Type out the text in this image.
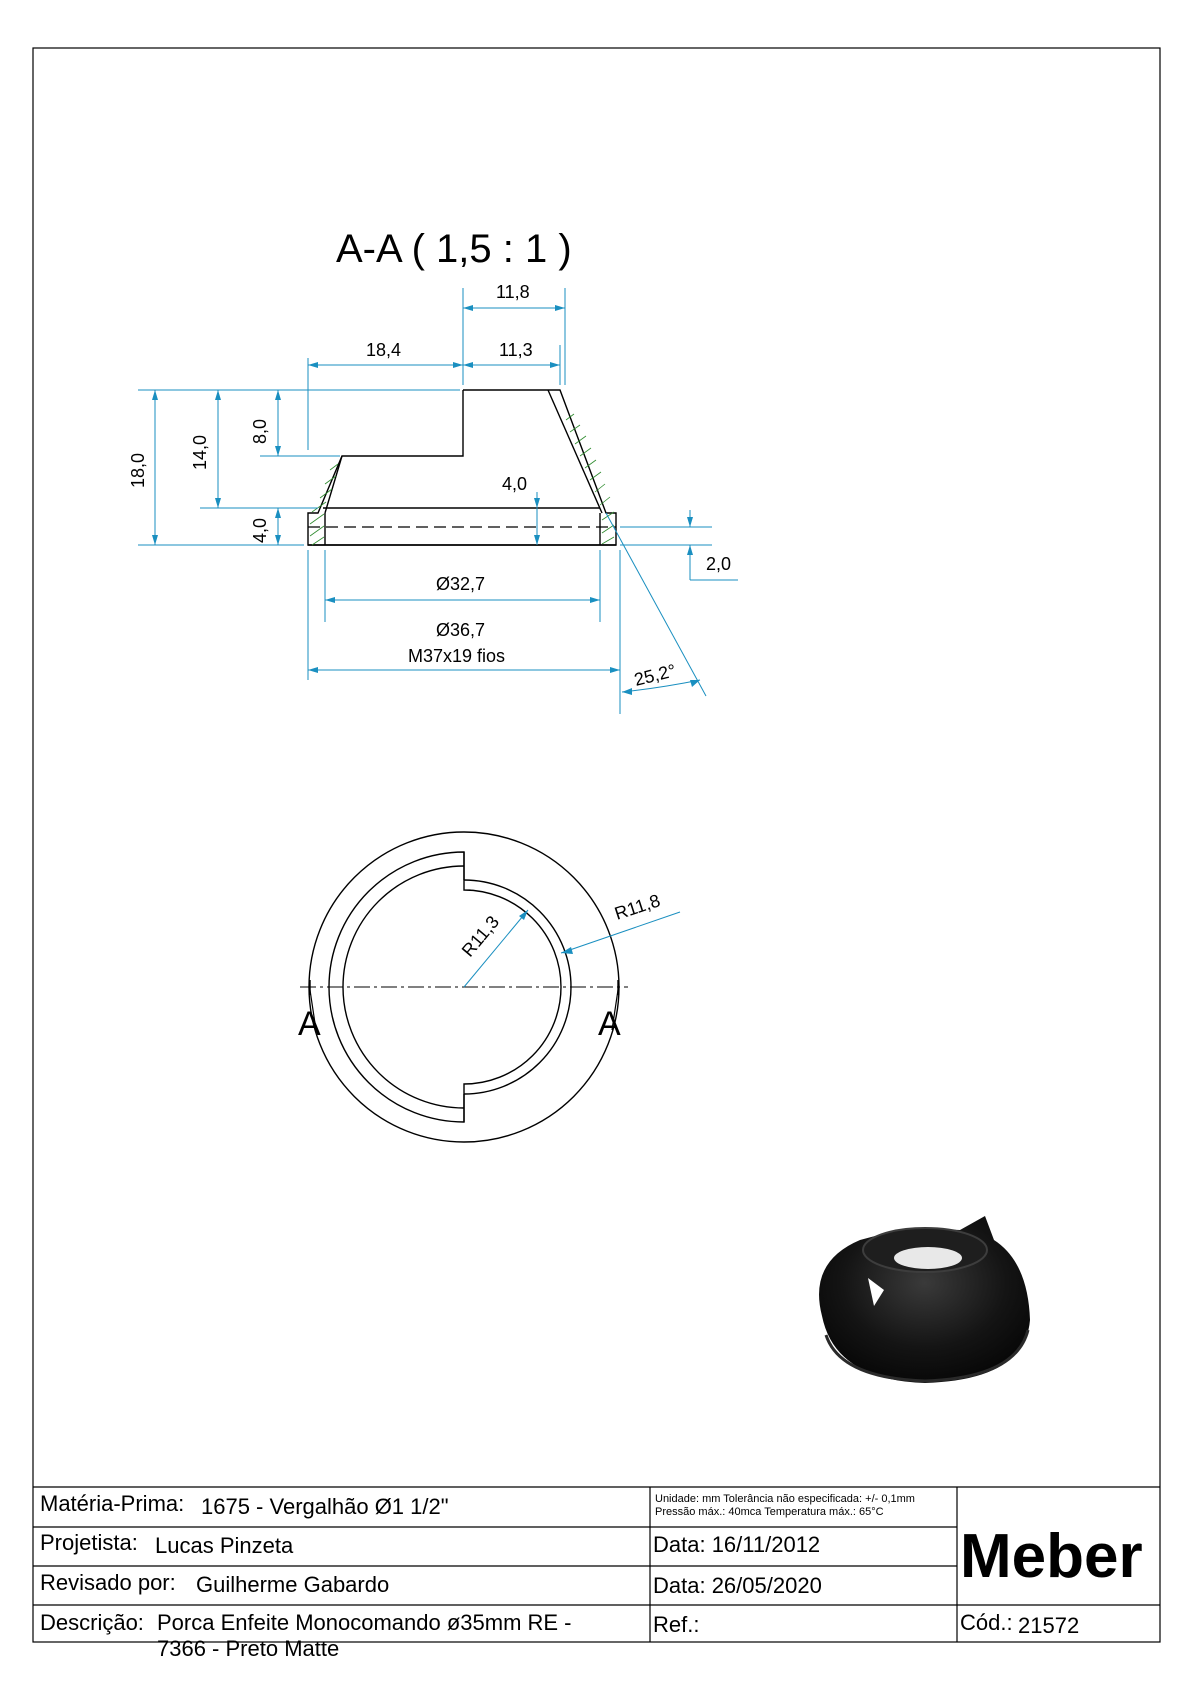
A-A ( 1,5 : 1 )
11,8
18,4	11,3
18,0
14,0
8,0
4,0
4,0
2,0
Ø32,7
Ø36,7
M37x19 fios
25,2°
A	A
R11,3
R11,8
Matéria-Prima: 1675 - Vergalhão Ø1 1/2"	Unidade: mm Tolerância não especificada: +/- 0,1mm
Pressão máx.: 40mca Temperatura máx.: 65°C
Projetista: Lucas Pinzeta	Data: 16/11/2012
Revisado por: Guilherme Gabardo	Data: 26/05/2020
Descrição: Porca Enfeite Monocomando ø35mm RE -
7366 - Preto Matte
Ref.:	Cód.: 21572
Meber
